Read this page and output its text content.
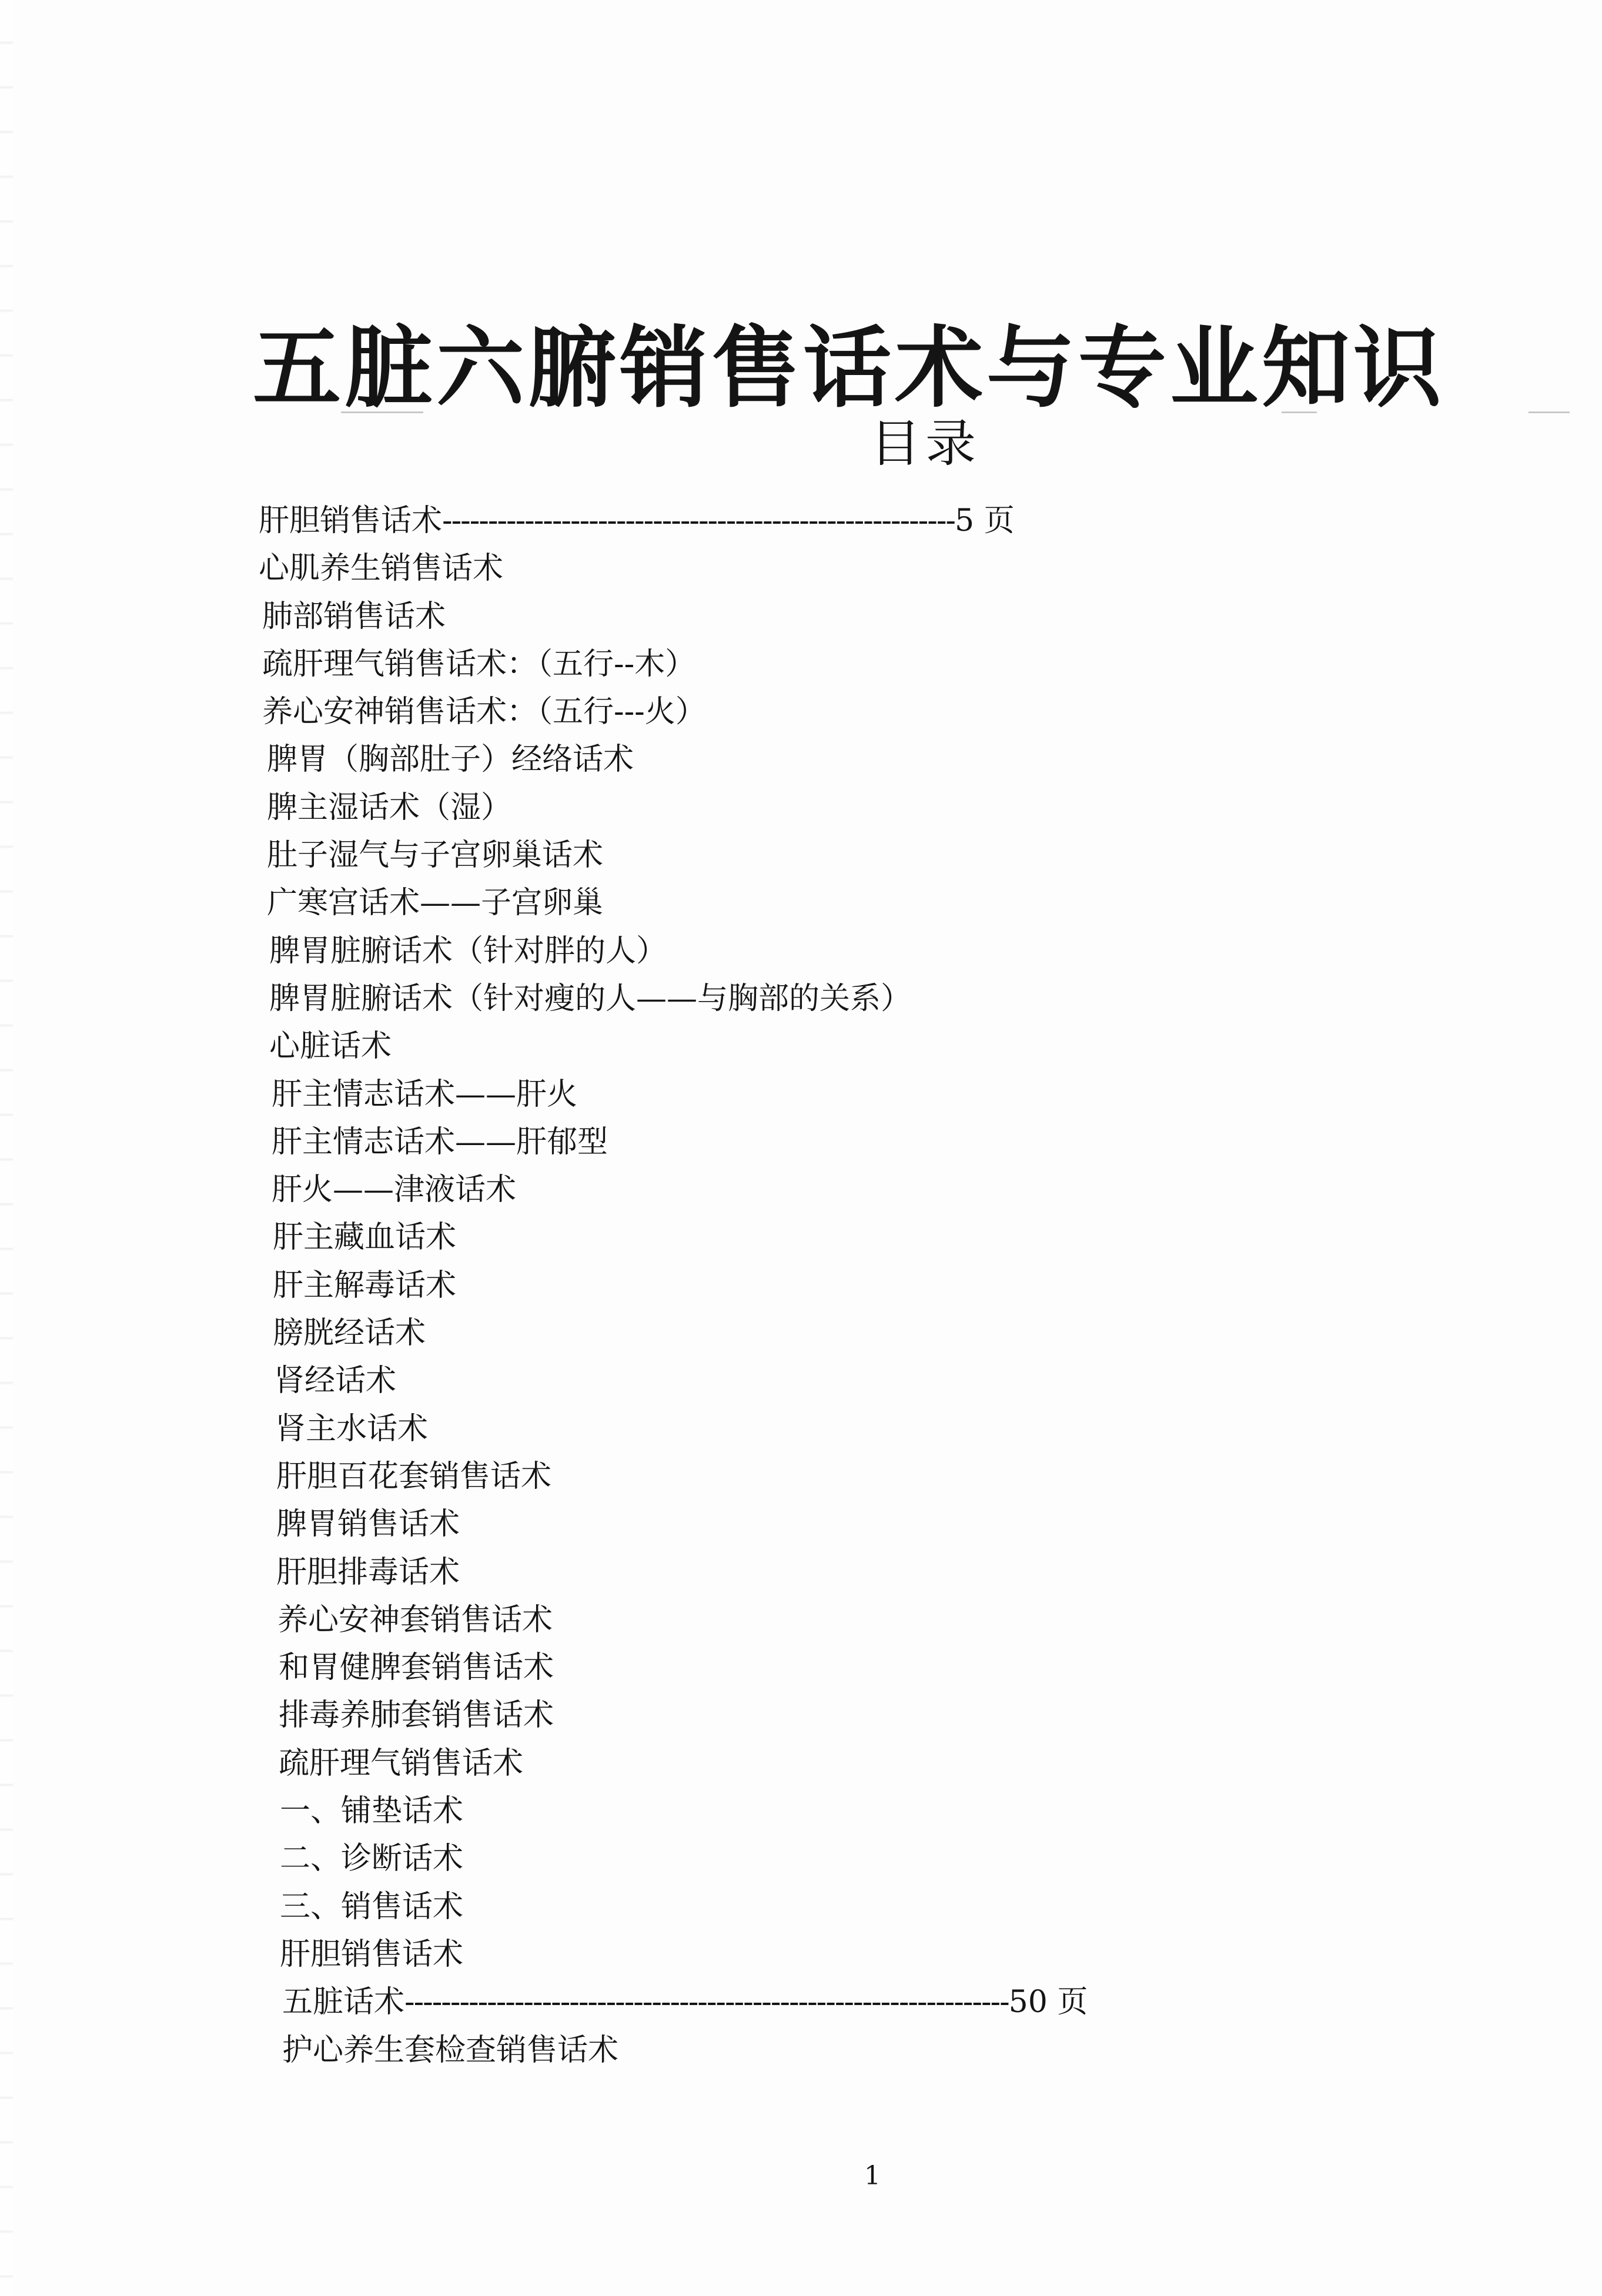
五脏六腑销售话术与专业知识
目录
肝胆销售话术--------------------------------------------------------5 页
心肌养生销售话术
肺部销售话术
疏肝理气销售话术：（五行--木）
养心安神销售话术：（五行---火）
脾胃（胸部肚子）经络话术
脾主湿话术（湿）
肚子湿气与子宫卵巢话术
广寒宫话术——子宫卵巢
脾胃脏腑话术（针对胖的人）
脾胃脏腑话术（针对瘦的人——与胸部的关系）
心脏话术
肝主情志话术——肝火
肝主情志话术——肝郁型
肝火——津液话术
肝主藏血话术
肝主解毒话术
膀胱经话术
肾经话术
肾主水话术
肝胆百花套销售话术
脾胃销售话术
肝胆排毒话术
养心安神套销售话术
和胃健脾套销售话术
排毒养肺套销售话术
疏肝理气销售话术
一、铺垫话术
二、诊断话术
三、销售话术
肝胆销售话术
五脏话术------------------------------------------------------------------50 页
护心养生套检查销售话术
1
